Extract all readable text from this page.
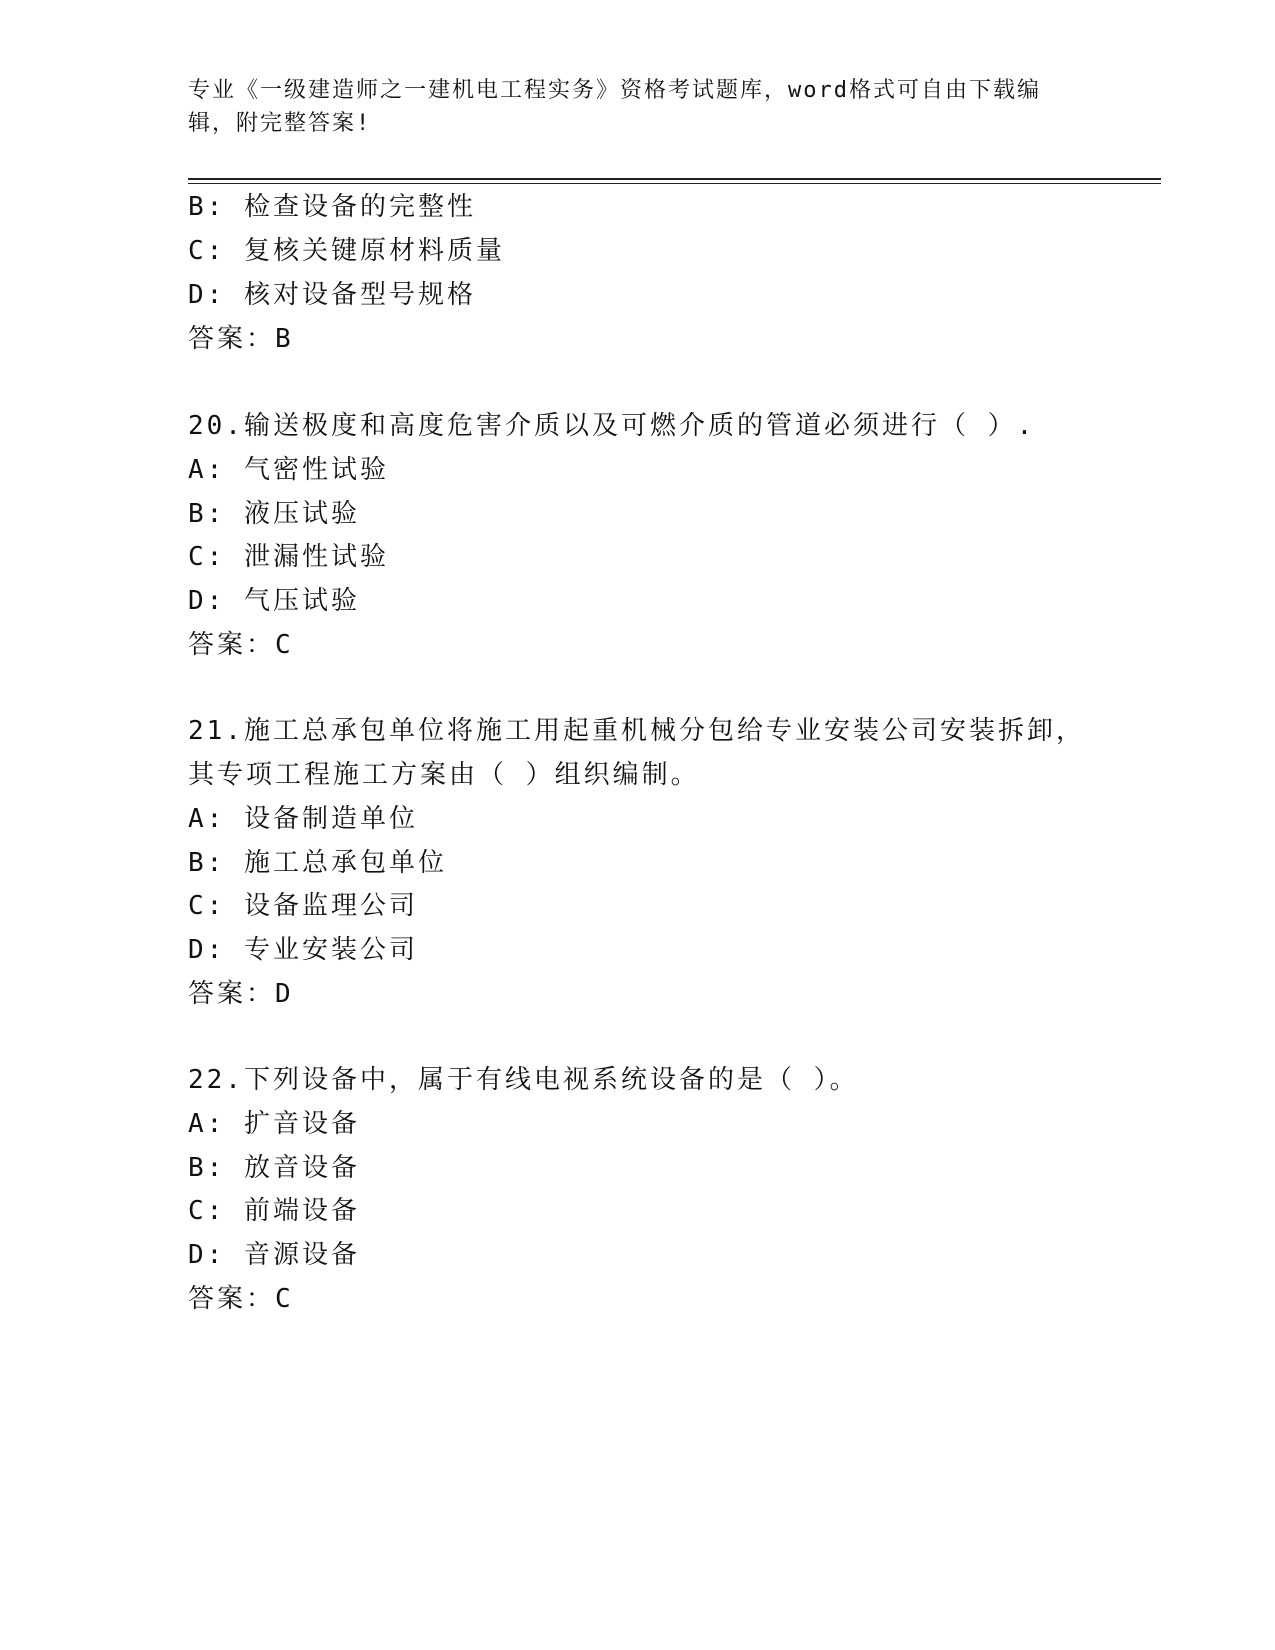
专业《一级建造师之一建机电工程实务》资格考试题库，word格式可自由下载编辑，附完整答案!
B: 检查设备的完整性
C: 复核关键原材料质量
D: 核对设备型号规格
答案：B
20.输送极度和高度危害介质以及可燃介质的管道必须进行（ ）.
A: 气密性试验
B: 液压试验
C: 泄漏性试验
D: 气压试验
答案：C
21.施工总承包单位将施工用起重机械分包给专业安装公司安装拆卸，
其专项工程施工方案由（ ）组织编制。
A: 设备制造单位
B: 施工总承包单位
C: 设备监理公司
D: 专业安装公司
答案：D
22.下列设备中，属于有线电视系统设备的是（ ）。
A: 扩音设备
B: 放音设备
C: 前端设备
D: 音源设备
答案：C
